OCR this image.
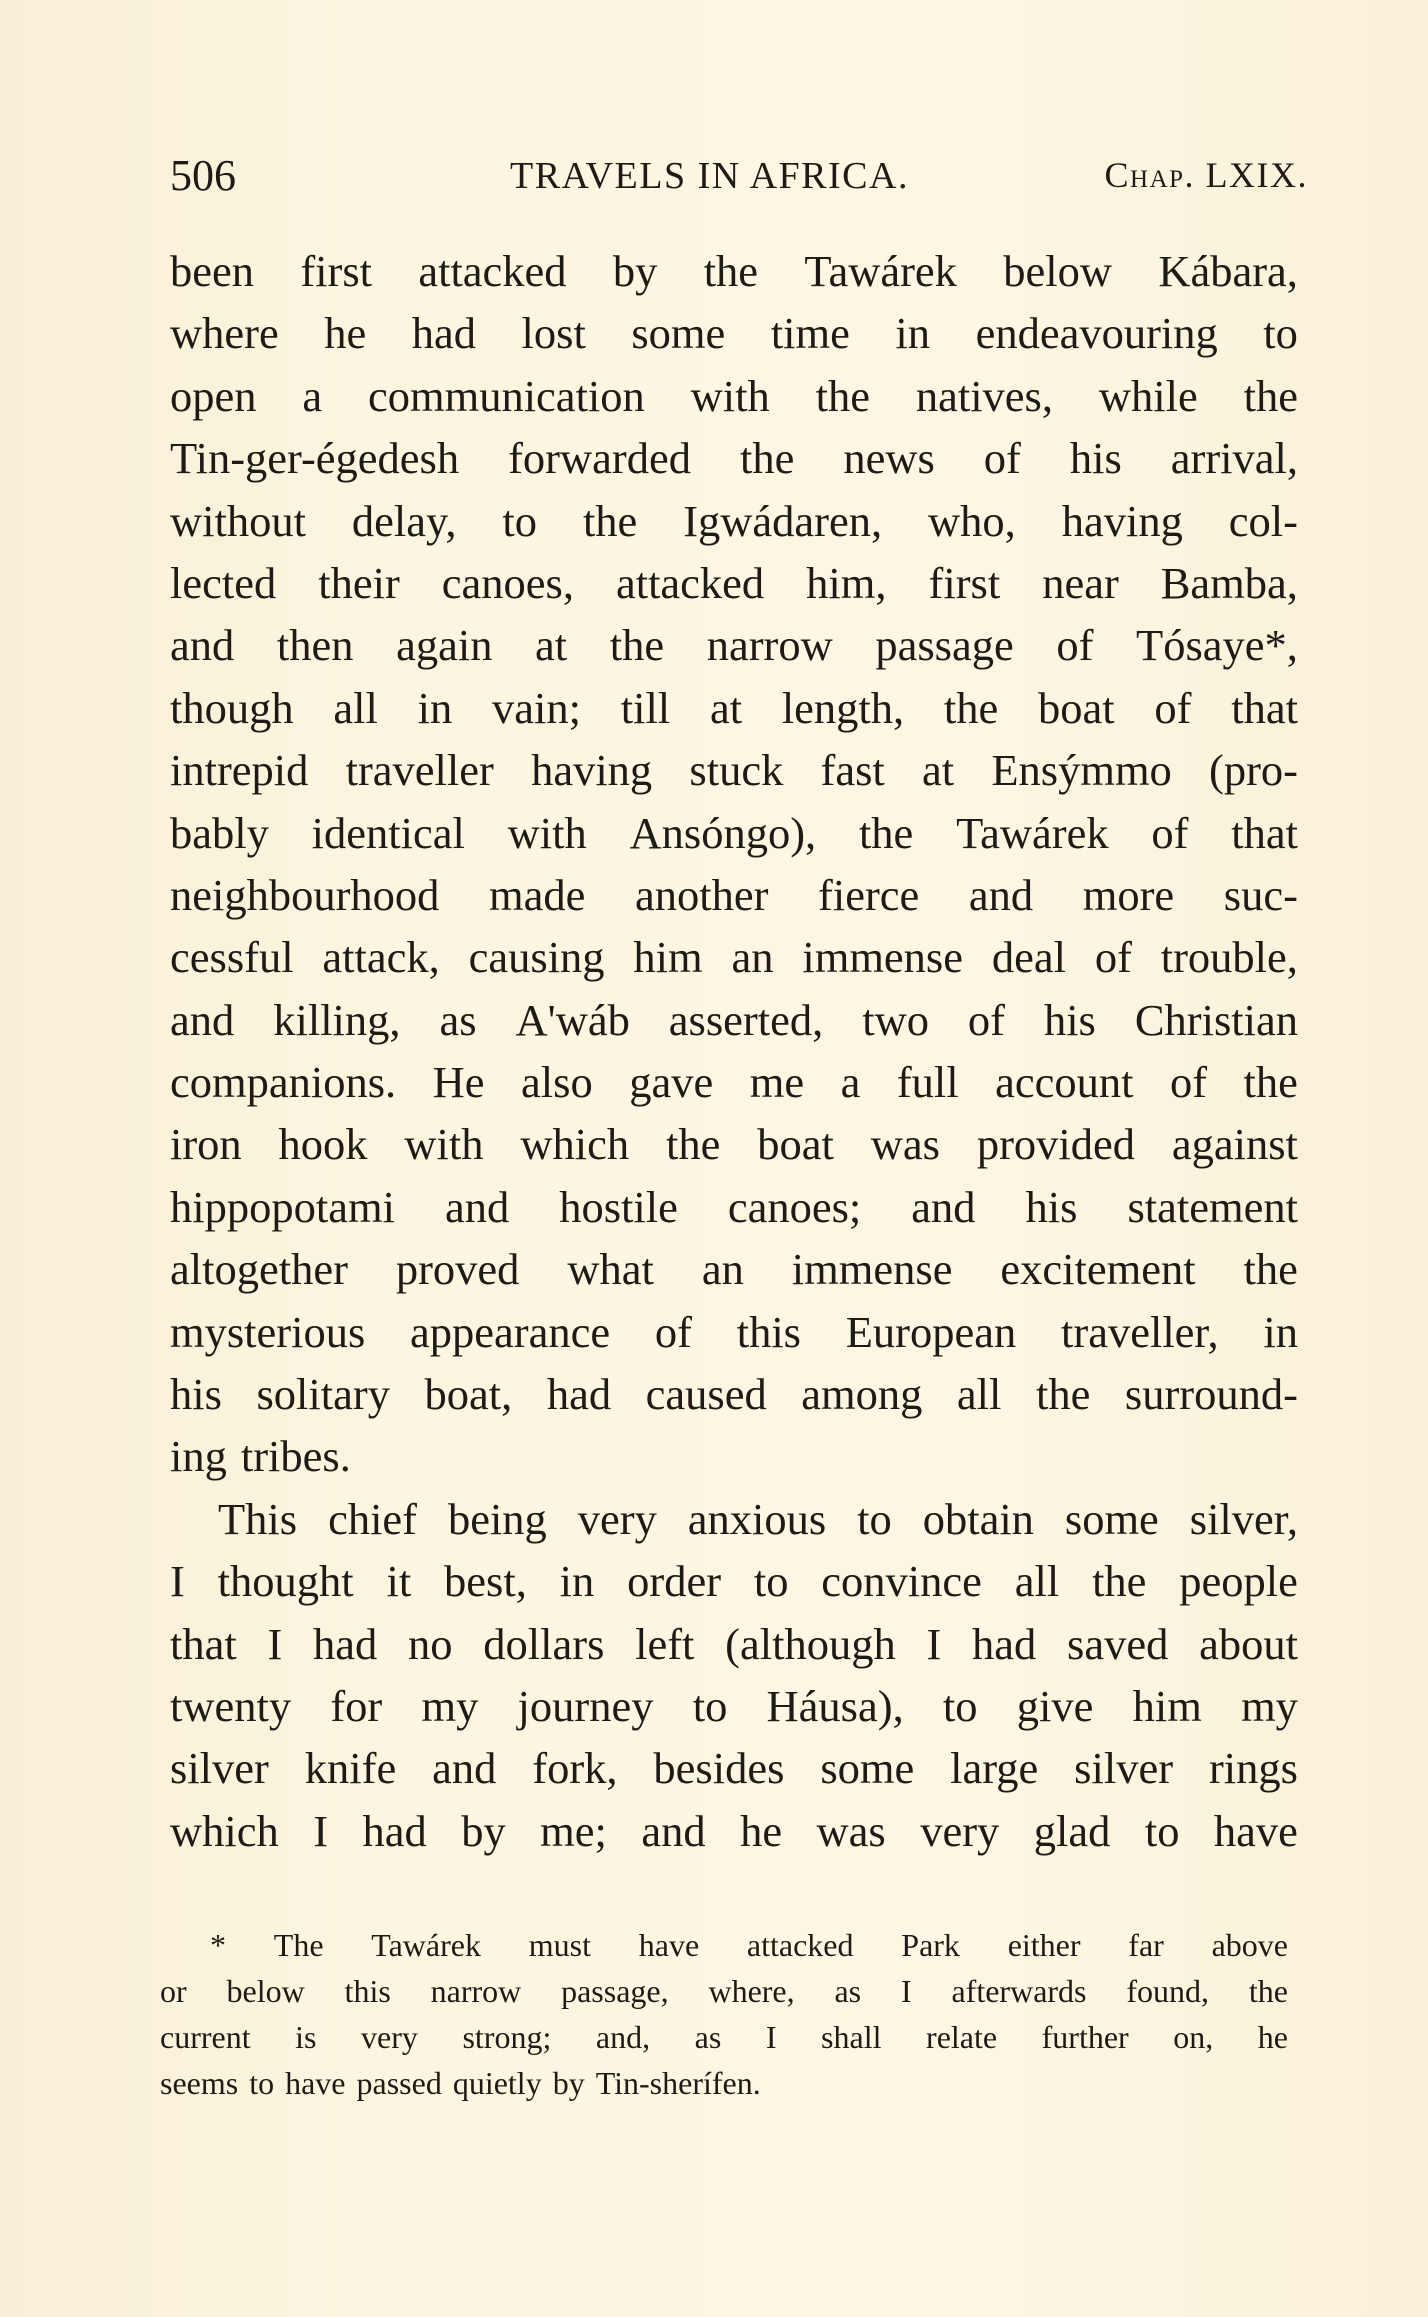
506	TRAVELS IN AFRICA.	Chap. LXIX.
been first attacked by the Tawárek below Kábara,
where he had lost some time in endeavouring to
open a communication with the natives, while the
Tin-ger-égedesh forwarded the news of his arrival,
without delay, to the Igwádaren, who, having col-
lected their canoes, attacked him, first near Bamba,
and then again at the narrow passage of Tósaye*,
though all in vain; till at length, the boat of that
intrepid traveller having stuck fast at Ensýmmo (pro-
bably identical with Ansóngo), the Tawárek of that
neighbourhood made another fierce and more suc-
cessful attack, causing him an immense deal of trouble,
and killing, as A'wáb asserted, two of his Christian
companions. He also gave me a full account of the
iron hook with which the boat was provided against
hippopotami and hostile canoes; and his statement
altogether proved what an immense excitement the
mysterious appearance of this European traveller, in
his solitary boat, had caused among all the surround-
ing tribes.
This chief being very anxious to obtain some silver,
I thought it best, in order to convince all the people
that I had no dollars left (although I had saved about
twenty for my journey to Háusa), to give him my
silver knife and fork, besides some large silver rings
which I had by me; and he was very glad to have
* The Tawárek must have attacked Park either far above
or below this narrow passage, where, as I afterwards found, the
current is very strong; and, as I shall relate further on, he
seems to have passed quietly by Tin-sherífen.
